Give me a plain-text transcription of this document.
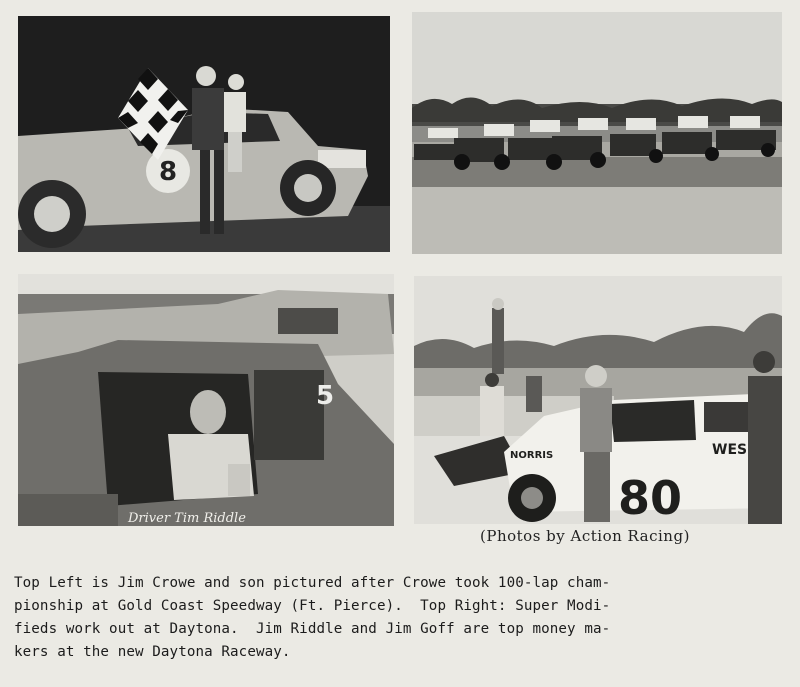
8
Driver Tim Riddle
5
80
WES
NORRIS
(Photos by Action Racing)
Top Left is Jim Crowe and son pictured after Crowe took 100-lap cham-
pionship at Gold Coast Speedway (Ft. Pierce).  Top Right: Super Modi-
fieds work out at Daytona.  Jim Riddle and Jim Goff are top money ma-
kers at the new Daytona Raceway.
